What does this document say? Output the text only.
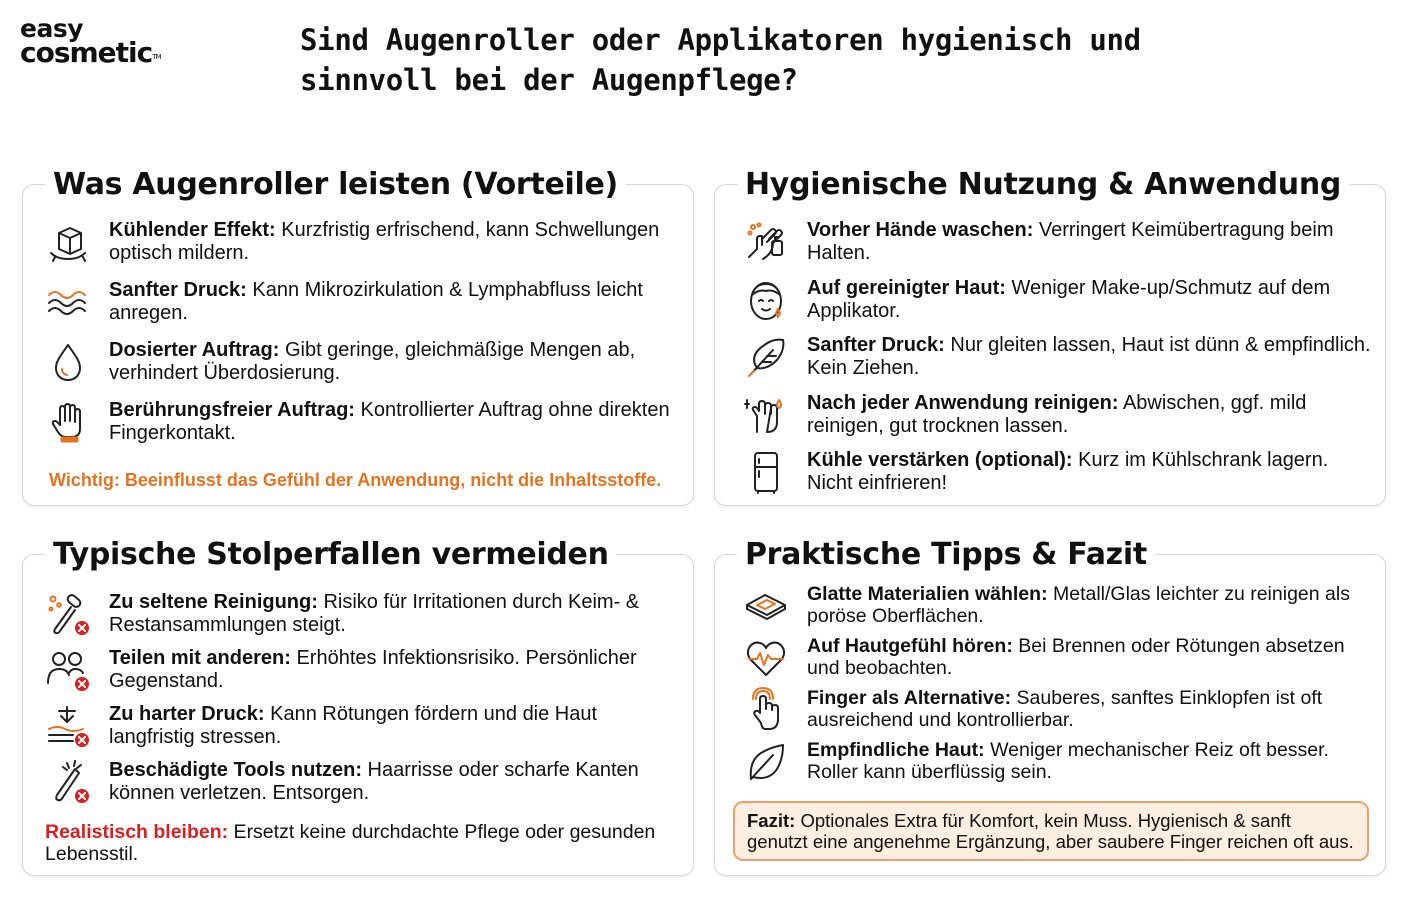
easy
cosmetic™	Sind Augenroller oder Applikatoren hygienisch und sinnvoll bei der Augenpflege?
Was Augenroller leisten (Vorteile)
Kühlender Effekt: Kurzfristig erfrischend, kann Schwellungen optisch mildern.
Sanfter Druck: Kann Mikrozirkulation & Lymphabfluss leicht anregen.
Dosierter Auftrag: Gibt geringe, gleichmäßige Mengen ab, verhindert Überdosierung.
Berührungsfreier Auftrag: Kontrollierter Auftrag ohne direkten Fingerkontakt.
Wichtig: Beeinflusst das Gefühl der Anwendung, nicht die Inhaltsstoffe.
Hygienische Nutzung & Anwendung
Vorher Hände waschen: Verringert Keimübertragung beim Halten.
Auf gereinigter Haut: Weniger Make-up/Schmutz auf dem Applikator.
Sanfter Druck: Nur gleiten lassen, Haut ist dünn & empfindlich. Kein Ziehen.
Nach jeder Anwendung reinigen: Abwischen, ggf. mild reinigen, gut trocknen lassen.
Kühle verstärken (optional): Kurz im Kühlschrank lagern. Nicht einfrieren!
Typische Stolperfallen vermeiden
Zu seltene Reinigung: Risiko für Irritationen durch Keim- & Restansammlungen steigt.
Teilen mit anderen: Erhöhtes Infektionsrisiko. Persönlicher Gegenstand.
Zu harter Druck: Kann Rötungen fördern und die Haut langfristig stressen.
Beschädigte Tools nutzen: Haarrisse oder scharfe Kanten können verletzen. Entsorgen.
Realistisch bleiben: Ersetzt keine durchdachte Pflege oder gesunden Lebensstil.
Praktische Tipps & Fazit
Glatte Materialien wählen: Metall/Glas leichter zu reinigen als poröse Oberflächen.
Auf Hautgefühl hören: Bei Brennen oder Rötungen absetzen und beobachten.
Finger als Alternative: Sauberes, sanftes Einklopfen ist oft ausreichend und kontrollierbar.
Empfindliche Haut: Weniger mechanischer Reiz oft besser. Roller kann überflüssig sein.
Fazit: Optionales Extra für Komfort, kein Muss. Hygienisch & sanft genutzt eine angenehme Ergänzung, aber saubere Finger reichen oft aus.
